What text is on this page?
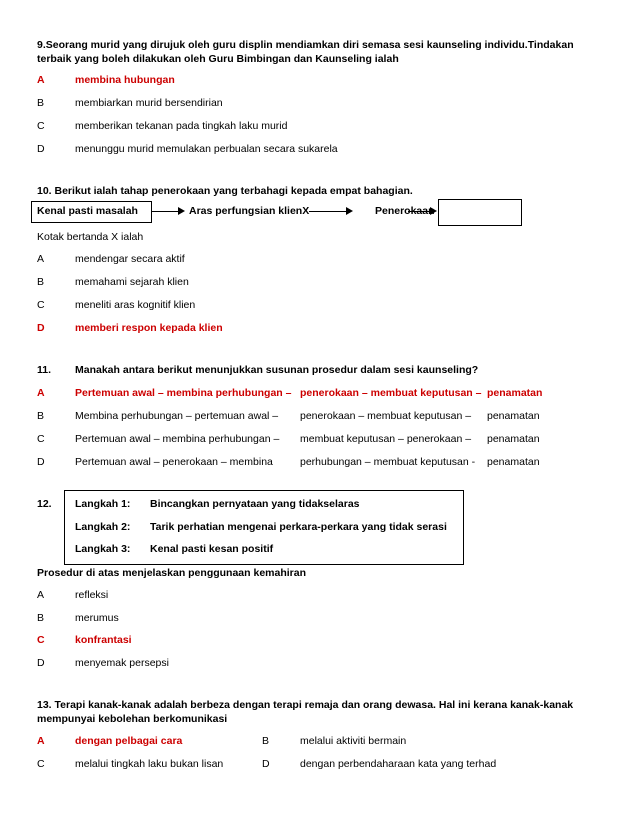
9.Seorang murid yang dirujuk oleh guru displin mendiamkan diri semasa sesi kaunseling individu.Tindakan
terbaik yang boleh dilakukan oleh Guru Bimbingan dan Kaunseling ialah
A	membina hubungan
B	membiarkan murid bersendirian
C	memberikan tekanan pada tingkah laku murid
D	menunggu murid memulakan perbualan secara sukarela
10. Berikut ialah tahap penerokaan yang terbahagi kepada empat bahagian.
Kenal pasti masalah	Aras perfungsian klienX	Penerokaan
Kotak bertanda X ialah
A	mendengar secara aktif
B	memahami sejarah klien
C	meneliti aras kognitif klien
D	memberi respon kepada klien
11. Manakah antara berikut menunjukkan susunan prosedur dalam sesi kaunseling?
A	Pertemuan awal – membina perhubungan – penerokaan – membuat keputusan – penamatan
B	Membina perhubungan – pertemuan awal – penerokaan – membuat keputusan – penamatan
C	Pertemuan awal – membina perhubungan – membuat keputusan – penerokaan – penamatan
D	Pertemuan awal – penerokaan – membina	perhubungan – membuat keputusan - penamatan
12. Langkah 1: Bincangkan pernyataan yang tidakselaras
Langkah 2: Tarik perhatian mengenai perkara-perkara yang tidak serasi
Langkah 3: Kenal pasti kesan positif
Prosedur di atas menjelaskan penggunaan kemahiran
A	refleksi
B	merumus
C	konfrantasi
D	menyemak persepsi
13. Terapi kanak-kanak adalah berbeza dengan terapi remaja dan orang dewasa. Hal ini kerana kanak-kanak
mempunyai kebolehan berkomunikasi
A	dengan pelbagai cara	B	melalui aktiviti bermain
C	melalui tingkah laku bukan lisan	D	dengan perbendaharaan kata yang terhad
